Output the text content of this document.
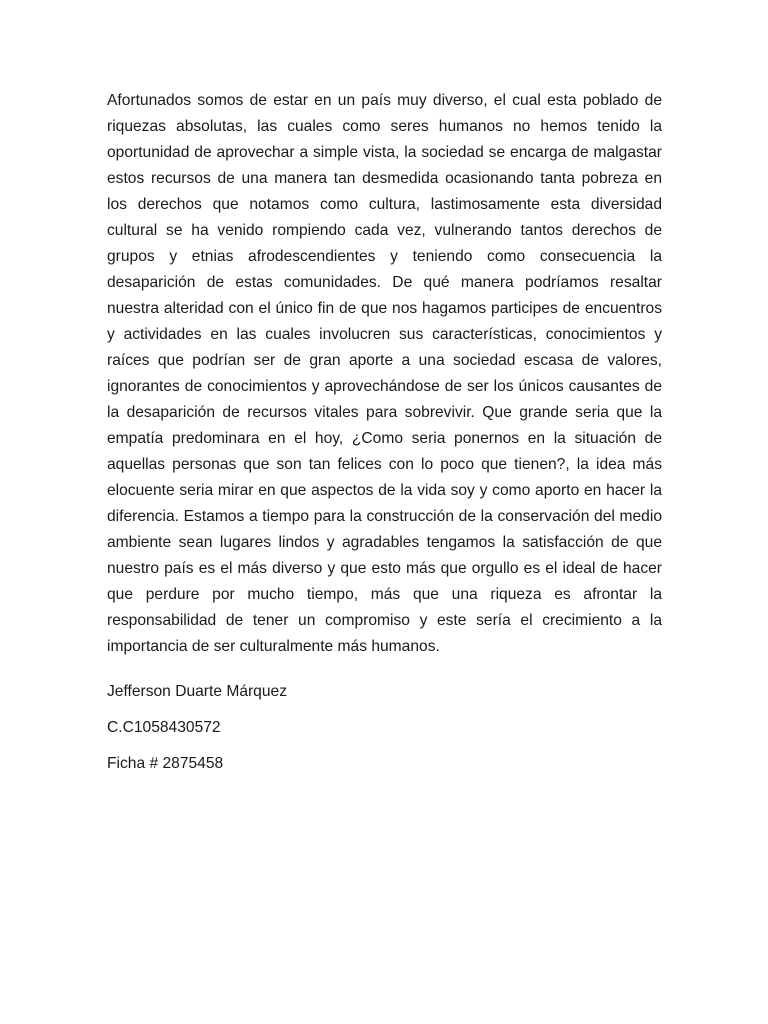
Afortunados somos de estar en un país muy diverso, el cual esta poblado de riquezas absolutas, las cuales como seres humanos no hemos tenido la oportunidad de aprovechar a simple vista, la sociedad se encarga de malgastar estos recursos de una manera tan desmedida ocasionando tanta pobreza en los derechos que notamos como cultura, lastimosamente esta diversidad cultural se ha venido rompiendo cada vez, vulnerando tantos derechos de grupos y etnias afrodescendientes y teniendo como consecuencia la desaparición de estas comunidades. De qué manera podríamos resaltar nuestra alteridad con el único fin de que nos hagamos participes de encuentros y actividades en las cuales involucren sus características, conocimientos y raíces que podrían ser de gran aporte a una sociedad escasa de valores, ignorantes de conocimientos y aprovechándose de ser los únicos causantes de la desaparición de recursos vitales para sobrevivir. Que grande seria que la empatía predominara en el hoy, ¿Como seria ponernos en la situación de aquellas personas que son tan felices con lo poco que tienen?, la idea más elocuente seria mirar en que aspectos de la vida soy y como aporto en hacer la diferencia. Estamos a tiempo para la construcción de la conservación del medio ambiente sean lugares lindos y agradables tengamos la satisfacción de que nuestro país es el más diverso y que esto más que orgullo es el ideal de hacer que perdure por mucho tiempo, más que una riqueza es afrontar la responsabilidad de tener un compromiso y este sería el crecimiento a la importancia de ser culturalmente más humanos.

Jefferson Duarte Márquez

C.C1058430572

Ficha # 2875458
